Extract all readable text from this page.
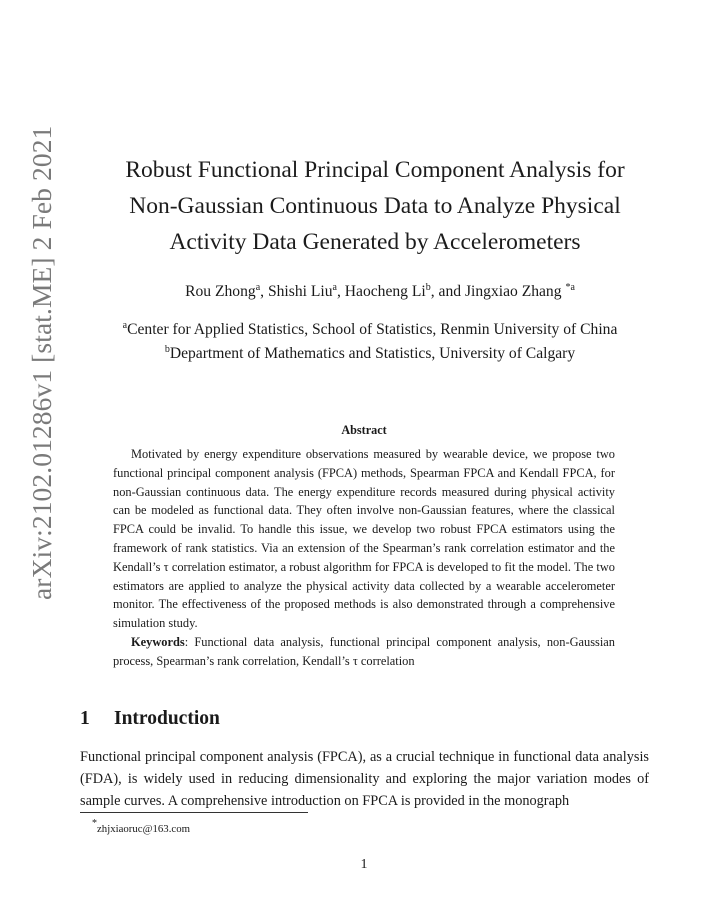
arXiv:2102.01286v1 [stat.ME] 2 Feb 2021	Robust Functional Principal Component Analysis for
Non-Gaussian Continuous Data to Analyze Physical
Activity Data Generated by Accelerometers
Rou Zhong$^a$, Shishi Liu$^a$, Haocheng Li$^b$, and Jingxiao Zhang $^{*a}$
$^a$Center for Applied Statistics, School of Statistics, Renmin University of China
$^b$Department of Mathematics and Statistics, University of Calgary
Abstract

Motivated by energy expenditure observations measured by wearable device, we propose two functional principal component analysis (FPCA) methods, Spearman FPCA and Kendall FPCA, for non-Gaussian continuous data. The energy expenditure records measured during physical activity can be modeled as functional data. They often involve non-Gaussian features, where the classical FPCA could be invalid. To handle this issue, we develop two robust FPCA estimators using the framework of rank statistics. Via an extension of the Spearman’s rank correlation estimator and the Kendall’s τ correlation estimator, a robust algorithm for FPCA is developed to fit the model. The two estimators are applied to analyze the physical activity data collected by a wearable accelerometer monitor. The effectiveness of the proposed methods is also demonstrated through a comprehensive simulation study.

Keywords: Functional data analysis, functional principal component analysis, non-Gaussian process, Spearman’s rank correlation, Kendall’s τ correlation

1 Introduction

Functional principal component analysis (FPCA), as a crucial technique in functional data analysis (FDA), is widely used in reducing dimensionality and exploring the major variation modes of sample curves. A comprehensive introduction on FPCA is provided in the monograph

*zhjxiaoruc@163.com
1
